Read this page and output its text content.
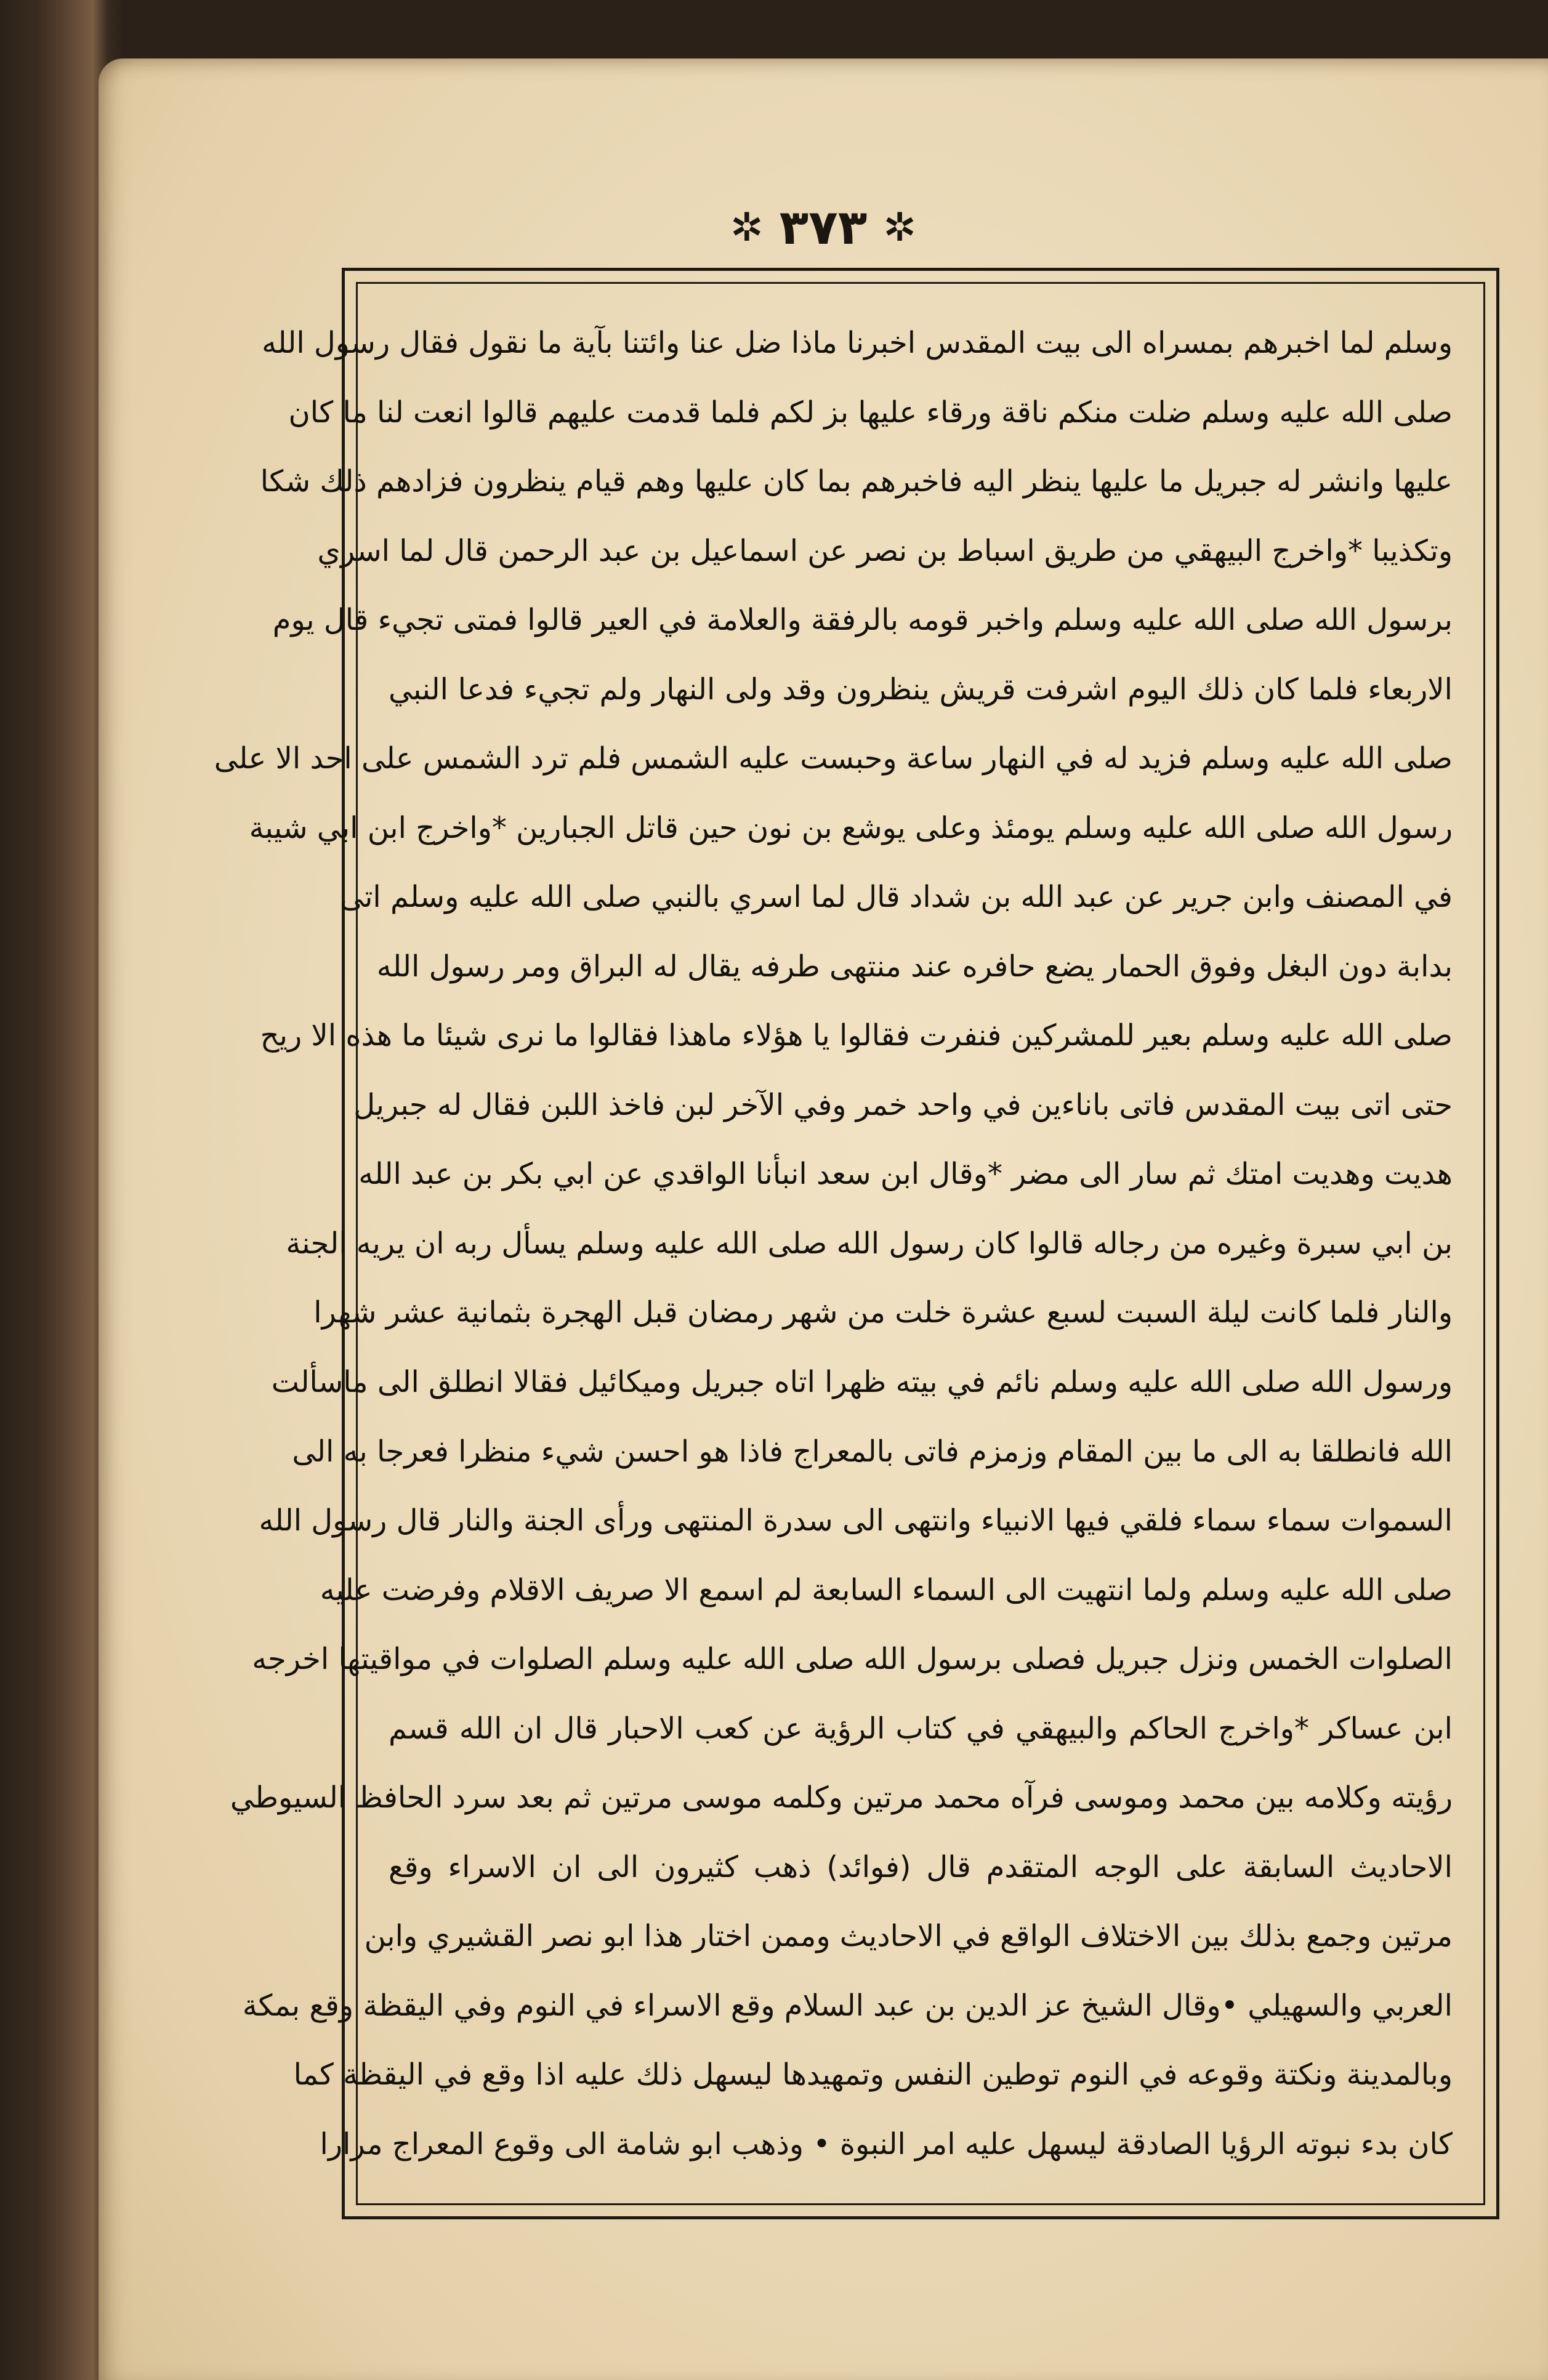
✲ ٣٧٣ ✲
وسلم لما اخبرهم بمسراه الى بيت المقدس اخبرنا ماذا ضل عنا وائتنا بآية ما نقول فقال رسول الله
صلى الله عليه وسلم ضلت منكم ناقة ورقاء عليها بز لكم فلما قدمت عليهم قالوا انعت لنا ما كان
عليها وانشر له جبريل ما عليها ينظر اليه فاخبرهم بما كان عليها وهم قيام ينظرون فزادهم ذلك شكا
وتكذيبا *واخرج البيهقي من طريق اسباط بن نصر عن اسماعيل بن عبد الرحمن قال لما اسري
برسول الله صلى الله عليه وسلم واخبر قومه بالرفقة والعلامة في العير قالوا فمتى تجيء قال يوم
الاربعاء فلما كان ذلك اليوم اشرفت قريش ينظرون وقد ولى النهار ولم تجيء فدعا النبي
صلى الله عليه وسلم فزيد له في النهار ساعة وحبست عليه الشمس فلم ترد الشمس على احد الا على
رسول الله صلى الله عليه وسلم يومئذ وعلى يوشع بن نون حين قاتل الجبارين *واخرج ابن ابي شيبة
في المصنف وابن جرير عن عبد الله بن شداد قال لما اسري بالنبي صلى الله عليه وسلم اتى
بدابة دون البغل وفوق الحمار يضع حافره عند منتهى طرفه يقال له البراق ومر رسول الله
صلى الله عليه وسلم بعير للمشركين فنفرت فقالوا يا هؤلاء ماهذا فقالوا ما نرى شيئا ما هذه الا ريح
حتى اتى بيت المقدس فاتى باناءين في واحد خمر وفي الآخر لبن فاخذ اللبن فقال له جبريل
هديت وهديت امتك ثم سار الى مضر *وقال ابن سعد انبأنا الواقدي عن ابي بكر بن عبد الله
بن ابي سبرة وغيره من رجاله قالوا كان رسول الله صلى الله عليه وسلم يسأل ربه ان يريه الجنة
والنار فلما كانت ليلة السبت لسبع عشرة خلت من شهر رمضان قبل الهجرة بثمانية عشر شهرا
ورسول الله صلى الله عليه وسلم نائم في بيته ظهرا اتاه جبريل وميكائيل فقالا انطلق الى ماسألت
الله فانطلقا به الى ما بين المقام وزمزم فاتى بالمعراج فاذا هو احسن شيء منظرا فعرجا به الى
السموات سماء سماء فلقي فيها الانبياء وانتهى الى سدرة المنتهى ورأى الجنة والنار قال رسول الله
صلى الله عليه وسلم ولما انتهيت الى السماء السابعة لم اسمع الا صريف الاقلام وفرضت عليه
الصلوات الخمس ونزل جبريل فصلى برسول الله صلى الله عليه وسلم الصلوات في مواقيتها اخرجه
ابن عساكر *واخرج الحاكم والبيهقي في كتاب الرؤية عن كعب الاحبار قال ان الله قسم
رؤيته وكلامه بين محمد وموسى فرآه محمد مرتين وكلمه موسى مرتين ثم بعد سرد الحافظ السيوطي
الاحاديث السابقة على الوجه المتقدم قال (فوائد) ذهب كثيرون الى ان الاسراء وقع
مرتين وجمع بذلك بين الاختلاف الواقع في الاحاديث وممن اختار هذا ابو نصر القشيري وابن
العربي والسهيلي •وقال الشيخ عز الدين بن عبد السلام وقع الاسراء في النوم وفي اليقظة وقع بمكة
وبالمدينة ونكتة وقوعه في النوم توطين النفس وتمهيدها ليسهل ذلك عليه اذا وقع في اليقظة كما
كان بدء نبوته الرؤيا الصادقة ليسهل عليه امر النبوة • وذهب ابو شامة الى وقوع المعراج مرارا
